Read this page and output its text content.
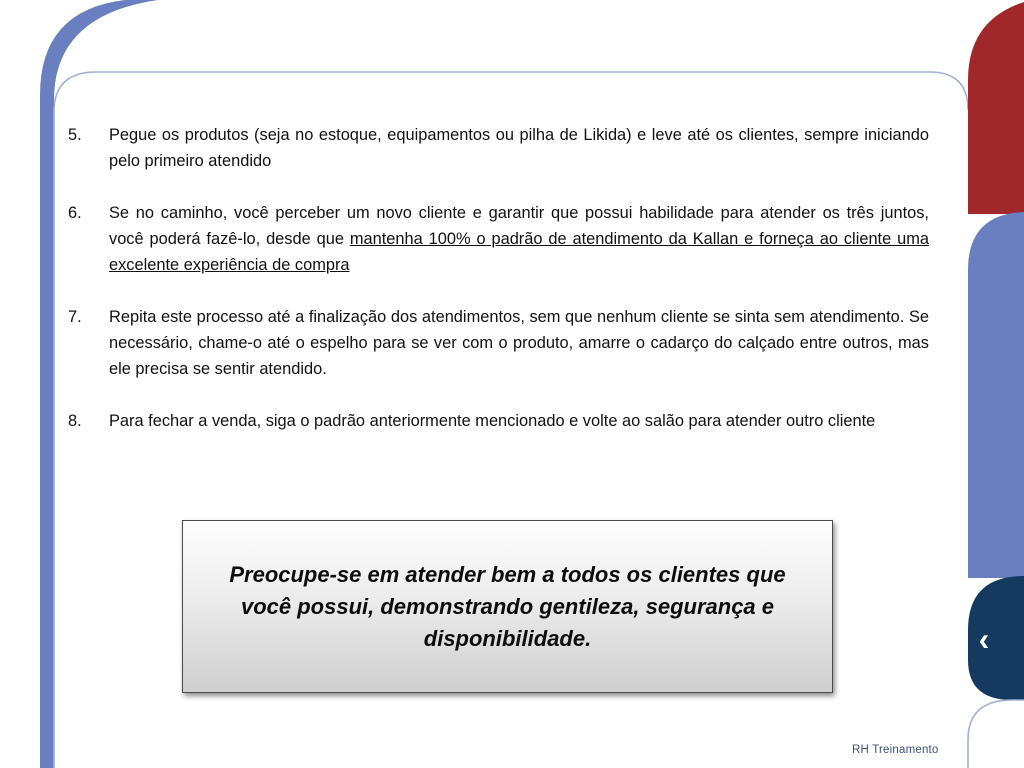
5. Pegue os produtos (seja no estoque, equipamentos ou pilha de Likida) e leve até os clientes, sempre iniciando pelo primeiro atendido
6. Se no caminho, você perceber um novo cliente e garantir que possui habilidade para atender os três juntos, você poderá fazê-lo, desde que mantenha 100% o padrão de atendimento da Kallan e forneça ao cliente uma excelente experiência de compra
7. Repita este processo até a finalização dos atendimentos, sem que nenhum cliente se sinta sem atendimento. Se necessário, chame-o até o espelho para se ver com o produto, amarre o cadarço do calçado entre outros, mas ele precisa se sentir atendido.
8. Para fechar a venda, siga o padrão anteriormente mencionado e volte ao salão para atender outro cliente
Preocupe-se em atender bem a todos os clientes que você possui, demonstrando gentileza, segurança e disponibilidade.	‹
RH Treinamento
